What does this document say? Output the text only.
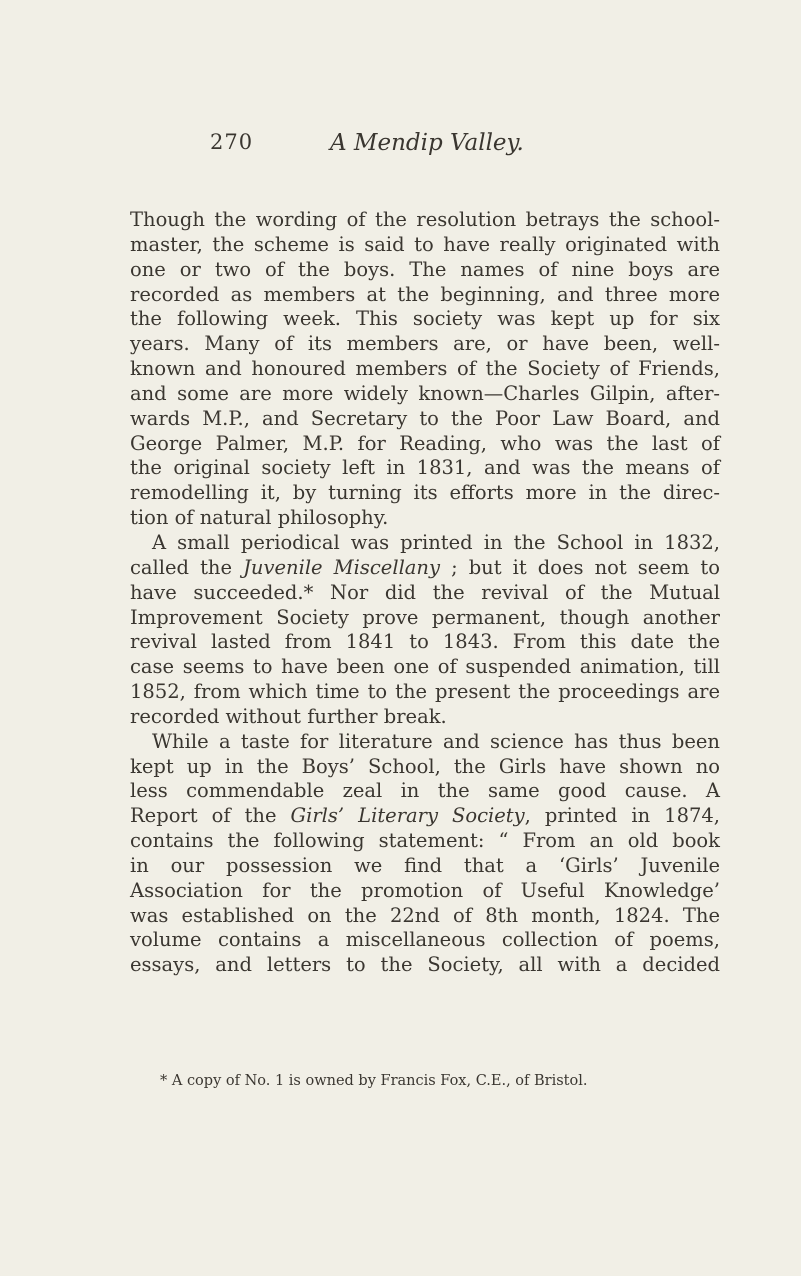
270	A Mendip Valley.
Though the wording of the resolution betrays the school-
master, the scheme is said to have really originated with
one or two of the boys. The names of nine boys are
recorded as members at the beginning, and three more
the following week. This society was kept up for six
years. Many of its members are, or have been, well-
known and honoured members of the Society of Friends,
and some are more widely known—Charles Gilpin, after-
wards M.P., and Secretary to the Poor Law Board, and
George Palmer, M.P. for Reading, who was the last of
the original society left in 1831, and was the means of
remodelling it, by turning its efforts more in the direc-
tion of natural philosophy.
A small periodical was printed in the School in 1832,
called the Juvenile Miscellany ; but it does not seem to
have succeeded.* Nor did the revival of the Mutual
Improvement Society prove permanent, though another
revival lasted from 1841 to 1843. From this date the
case seems to have been one of suspended animation, till
1852, from which time to the present the proceedings are
recorded without further break.
While a taste for literature and science has thus been
kept up in the Boys’ School, the Girls have shown no
less commendable zeal in the same good cause. A
Report of the Girls’ Literary Society, printed in 1874,
contains the following statement: “ From an old book
in our possession we find that a ‘Girls’ Juvenile
Association for the promotion of Useful Knowledge’
was established on the 22nd of 8th month, 1824. The
volume contains a miscellaneous collection of poems,
essays, and letters to the Society, all with a decided
* A copy of No. 1 is owned by Francis Fox, C.E., of Bristol.
